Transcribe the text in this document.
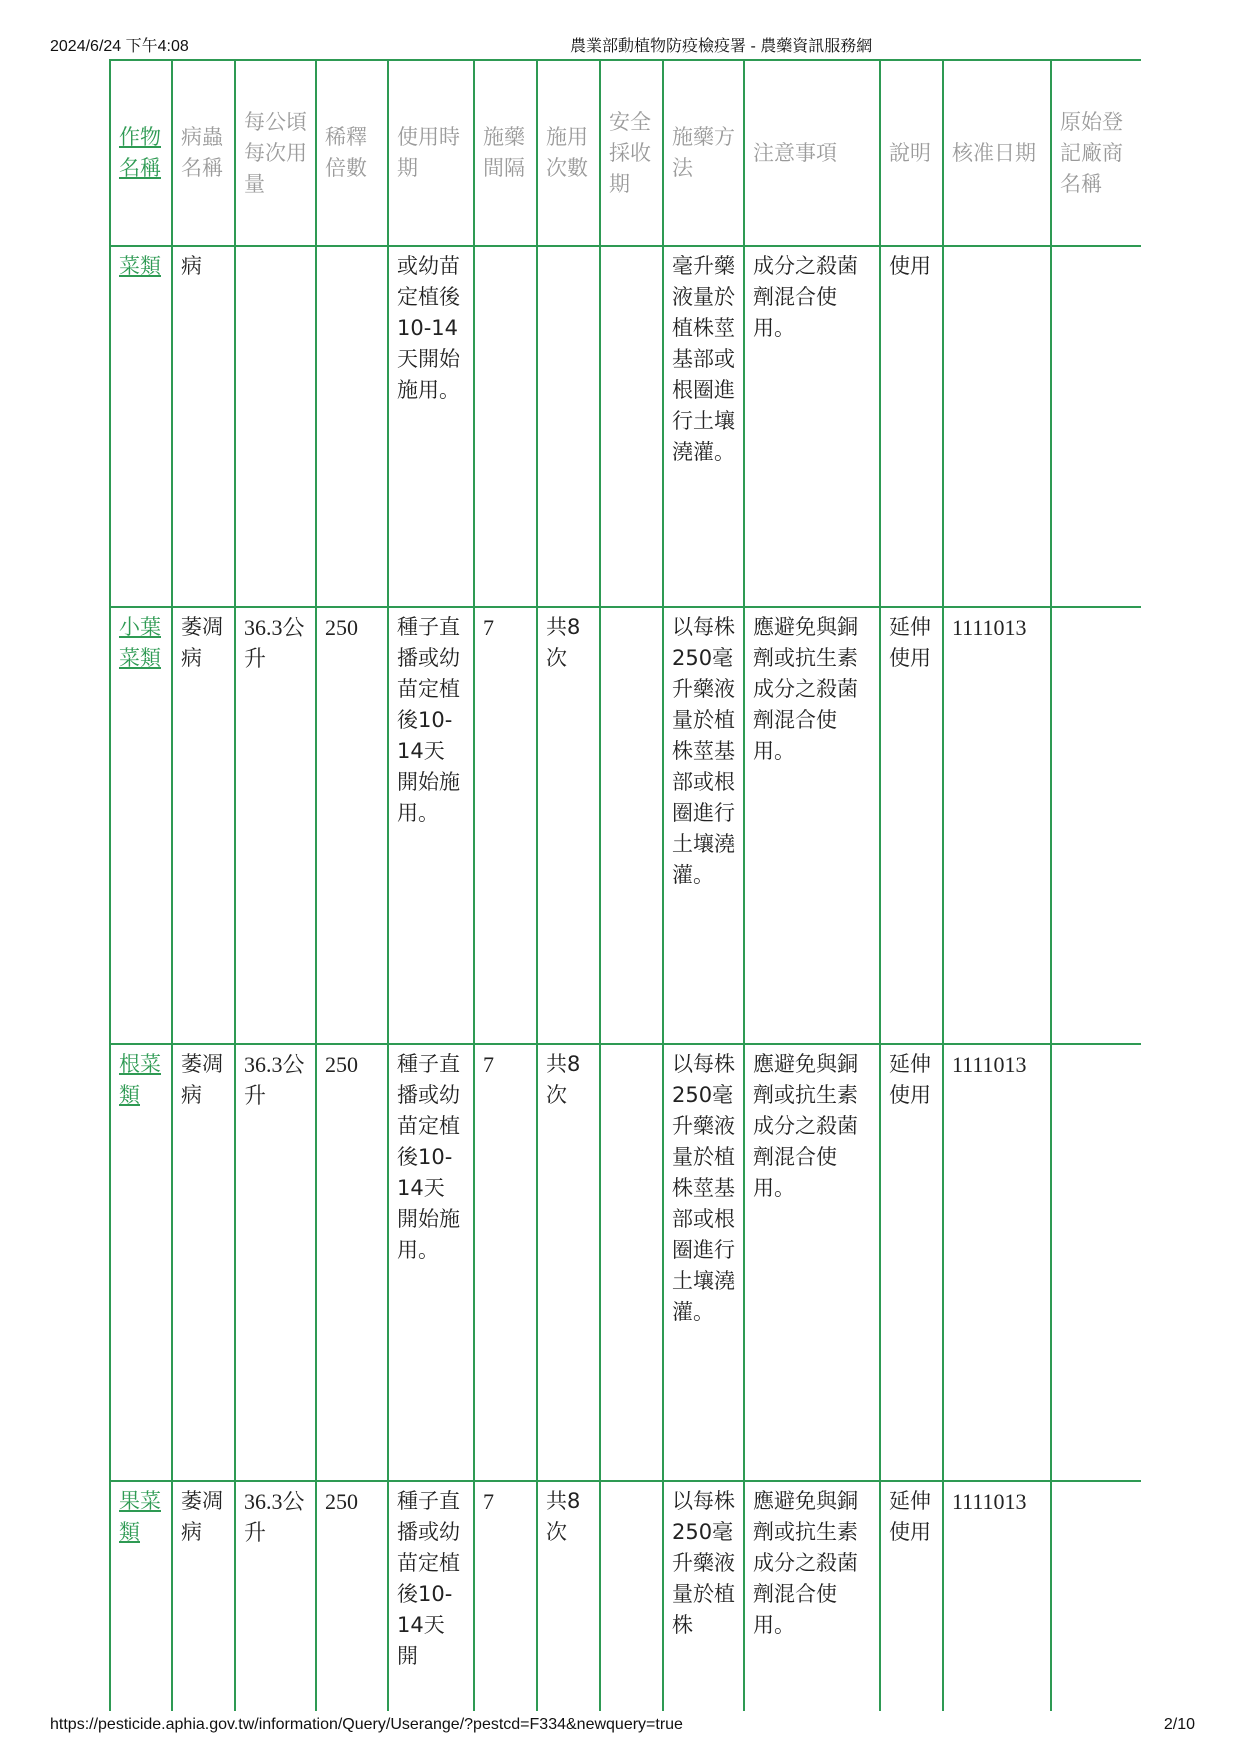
2024/6/24 下午4:08	農業部動植物防疫檢疫署 - 農藥資訊服務網
作物名稱	病蟲名稱	每公頃每次用量	稀釋倍數	使用時期	施藥間隔	施用次數	安全採收期	施藥方法	注意事項	說明	核准日期	原始登記廠商名稱
菜類	病			或幼苗定植後10-14天開始施用。				毫升藥液量於植株莖基部或根圈進行土壤澆灌。	成分之殺菌劑混合使用。	使用		
小葉菜類	萎凋病	36.3公升	250	種子直播或幼苗定植後10-14天開始施用。	7	共8次		以每株250毫升藥液量於植株莖基部或根圈進行土壤澆灌。	應避免與銅劑或抗生素成分之殺菌劑混合使用。	延伸使用	1111013	
根菜類	萎凋病	36.3公升	250	種子直播或幼苗定植後10-14天開始施用。	7	共8次		以每株250毫升藥液量於植株莖基部或根圈進行土壤澆灌。	應避免與銅劑或抗生素成分之殺菌劑混合使用。	延伸使用	1111013	
果菜類	萎凋病	36.3公升	250	種子直播或幼苗定植後10-14天開	7	共8次		以每株250毫升藥液量於植株	應避免與銅劑或抗生素成分之殺菌劑混合使用。	延伸使用	1111013	
https://pesticide.aphia.gov.tw/information/Query/Userange/?pestcd=F334&newquery=true	2/10
